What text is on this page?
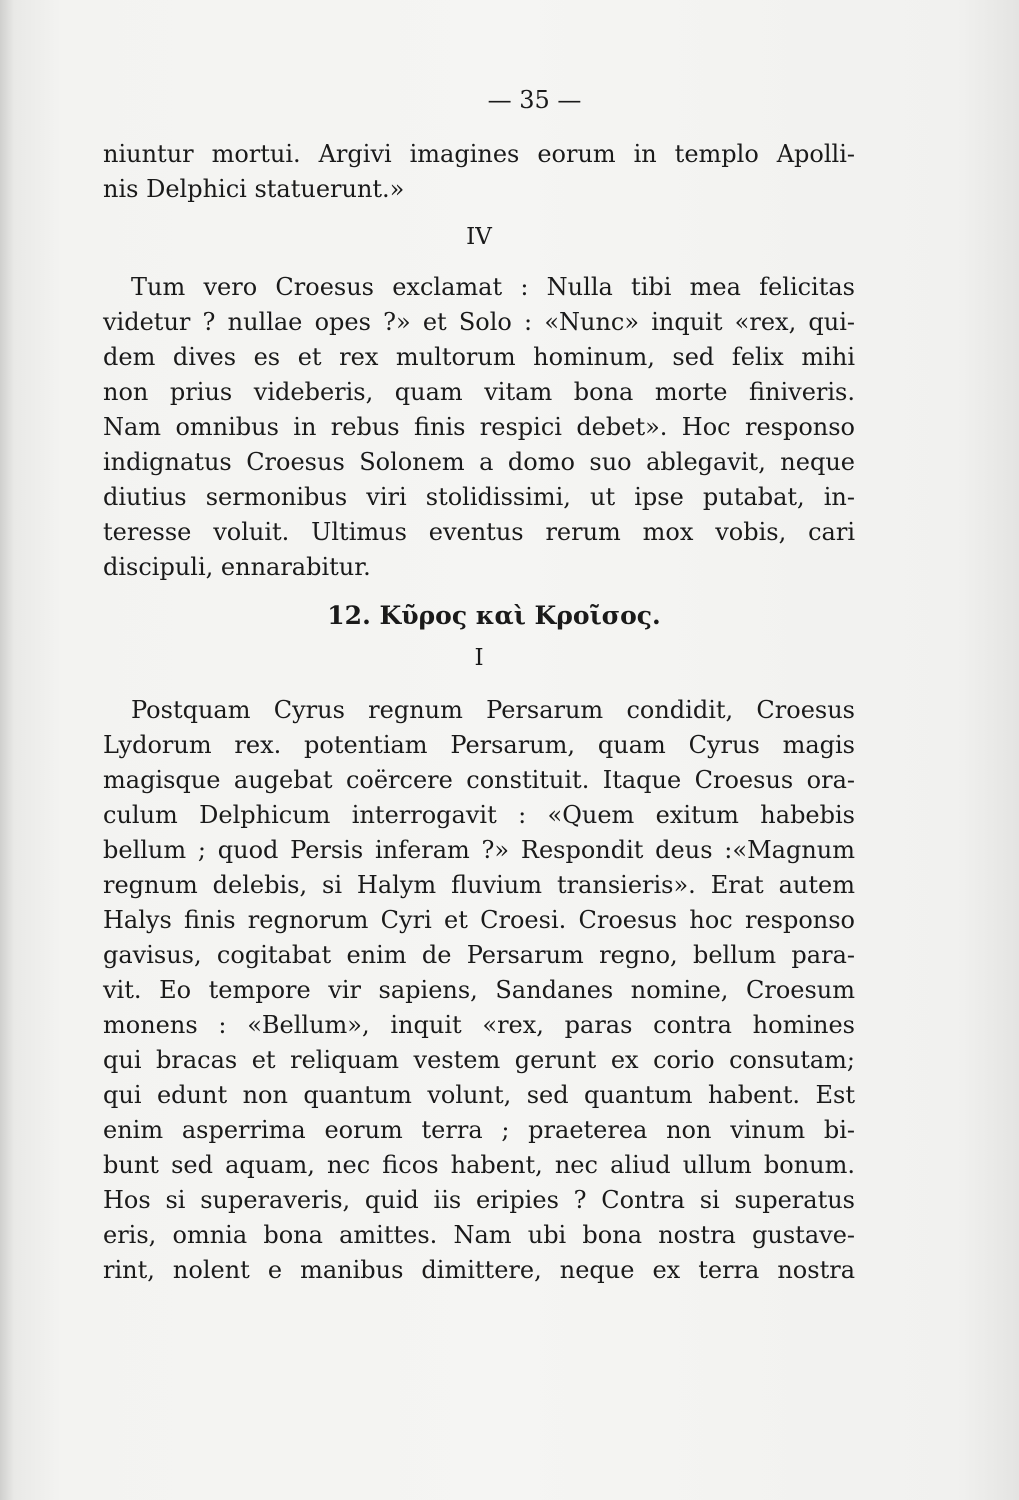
— 35 —
niuntur mortui. Argivi imagines eorum in templo Apolli-
nis Delphici statuerunt.»
IV
Tum vero Croesus exclamat : Nulla tibi mea felicitas
videtur ? nullae opes ?» et Solo : «Nunc» inquit «rex, qui-
dem dives es et rex multorum hominum, sed felix mihi
non prius videberis, quam vitam bona morte finiveris.
Nam omnibus in rebus finis respici debet». Hoc responso
indignatus Croesus Solonem a domo suo ablegavit, neque
diutius sermonibus viri stolidissimi, ut ipse putabat, in-
teresse voluit. Ultimus eventus rerum mox vobis, cari
discipuli, ennarabitur.
12. Κῦρος καὶ Κροῖσος.
I
Postquam Cyrus regnum Persarum condidit, Croesus
Lydorum rex. potentiam Persarum, quam Cyrus magis
magisque augebat coërcere constituit. Itaque Croesus ora-
culum Delphicum interrogavit : «Quem exitum habebis
bellum ; quod Persis inferam ?» Respondit deus :«Magnum
regnum delebis, si Halym fluvium transieris». Erat autem
Halys finis regnorum Cyri et Croesi. Croesus hoc responso
gavisus, cogitabat enim de Persarum regno, bellum para-
vit. Eo tempore vir sapiens, Sandanes nomine, Croesum
monens : «Bellum», inquit «rex, paras contra homines
qui bracas et reliquam vestem gerunt ex corio consutam;
qui edunt non quantum volunt, sed quantum habent. Est
enim asperrima eorum terra ; praeterea non vinum bi-
bunt sed aquam, nec ficos habent, nec aliud ullum bonum.
Hos si superaveris, quid iis eripies ? Contra si superatus
eris, omnia bona amittes. Nam ubi bona nostra gustave-
rint, nolent e manibus dimittere, neque ex terra nostra
